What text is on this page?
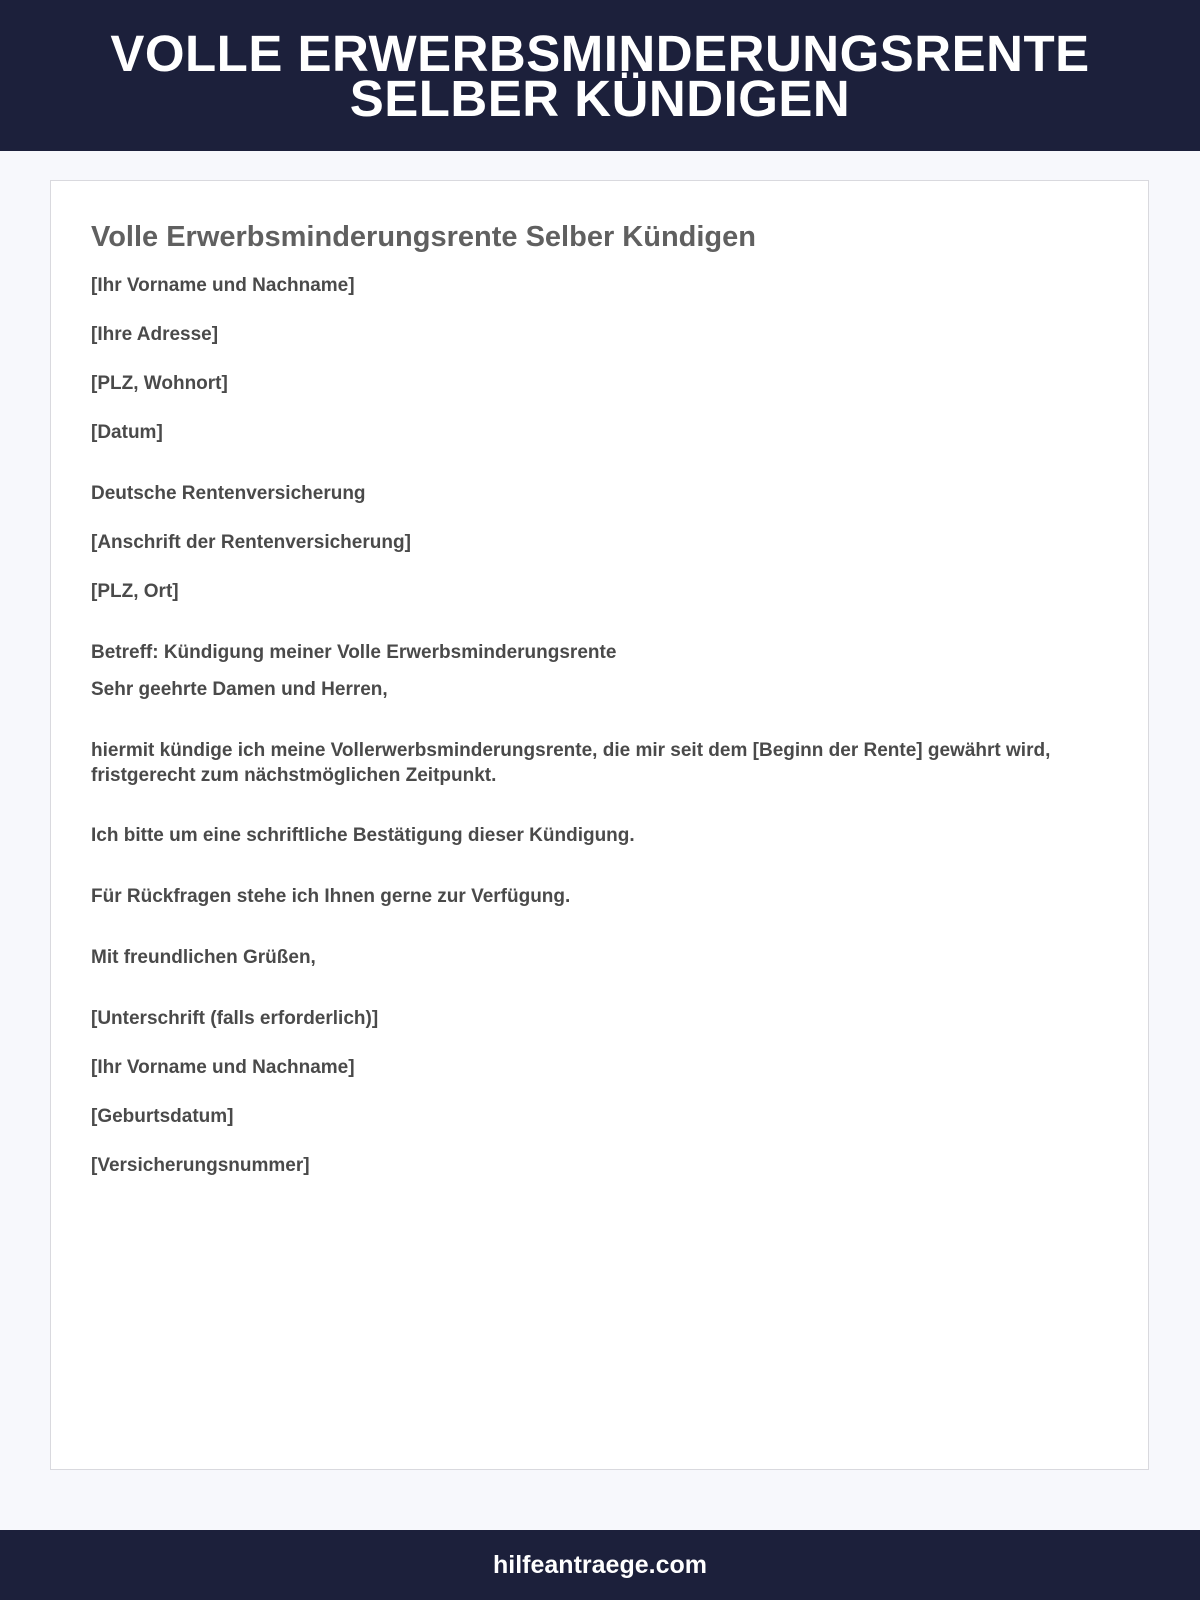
VOLLE ERWERBSMINDERUNGSRENTE
SELBER KÜNDIGEN
Volle Erwerbsminderungsrente Selber Kündigen

[Ihr Vorname und Nachname]

[Ihre Adresse]

[PLZ, Wohnort]

[Datum]

Deutsche Rentenversicherung

[Anschrift der Rentenversicherung]

[PLZ, Ort]

Betreff: Kündigung meiner Volle Erwerbsminderungsrente

Sehr geehrte Damen und Herren,

hiermit kündige ich meine Vollerwerbsminderungsrente, die mir seit dem [Beginn der Rente] gewährt wird, fristgerecht zum nächstmöglichen Zeitpunkt.

Ich bitte um eine schriftliche Bestätigung dieser Kündigung.

Für Rückfragen stehe ich Ihnen gerne zur Verfügung.

Mit freundlichen Grüßen,

[Unterschrift (falls erforderlich)]

[Ihr Vorname und Nachname]

[Geburtsdatum]

[Versicherungsnummer]

hilfeantraege.com
